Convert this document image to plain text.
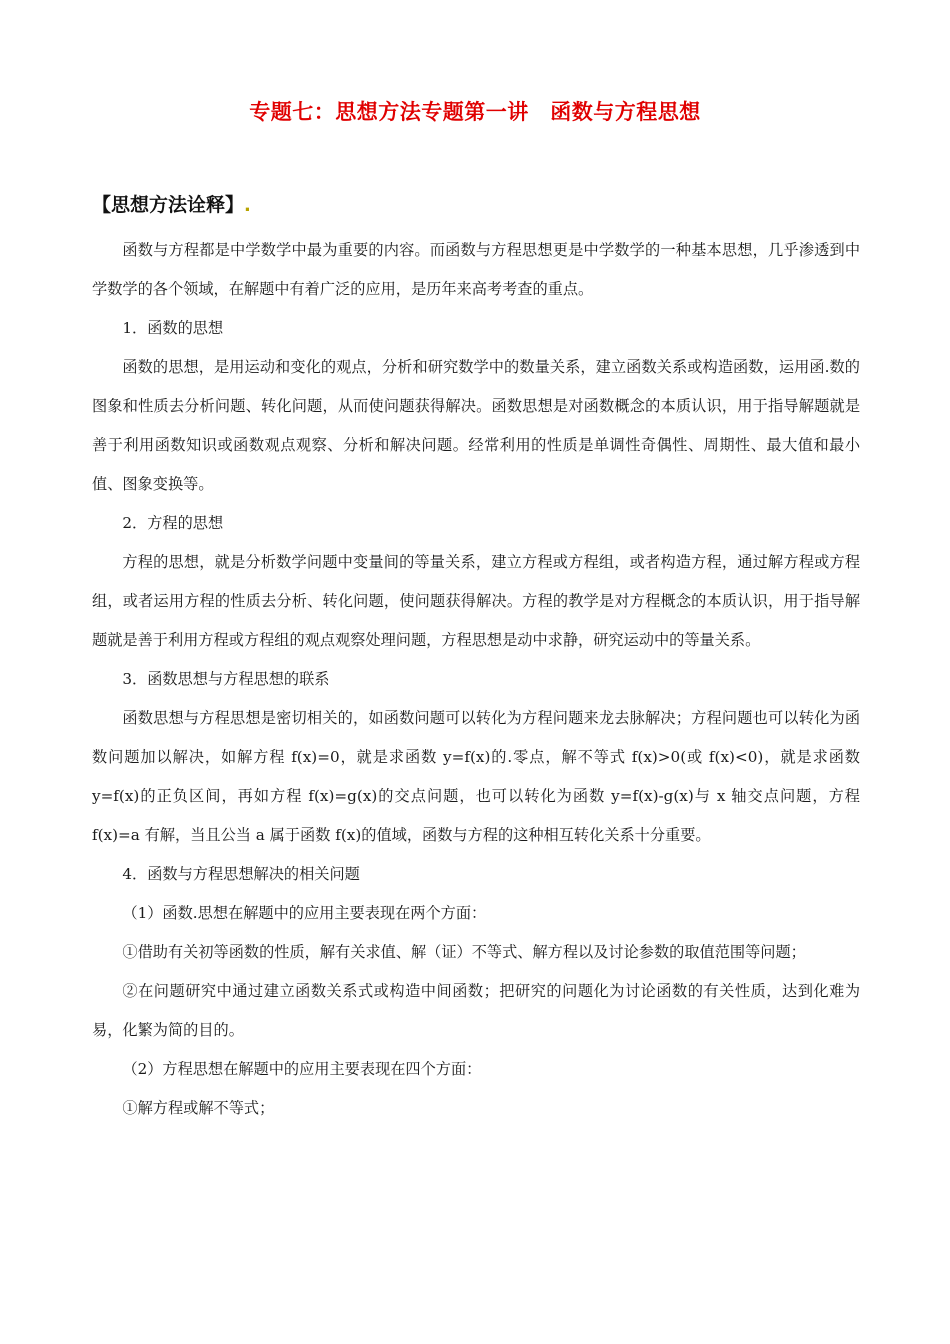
专题七：思想方法专题第一讲　函数与方程思想
【思想方法诠释】.

函数与方程都是中学数学中最为重要的内容。而函数与方程思想更是中学数学的一种基本思想，几乎渗透到中学数学的各个领域，在解题中有着广泛的应用，是历年来高考考查的重点。

1．函数的思想

函数的思想，是用运动和变化的观点，分析和研究数学中的数量关系，建立函数关系或构造函数，运用函.数的图象和性质去分析问题、转化问题，从而使问题获得解决。函数思想是对函数概念的本质认识，用于指导解题就是善于利用函数知识或函数观点观察、分析和解决问题。经常利用的性质是单调性奇偶性、周期性、最大值和最小值、图象变换等。

2．方程的思想

方程的思想，就是分析数学问题中变量间的等量关系，建立方程或方程组，或者构造方程，通过解方程或方程组，或者运用方程的性质去分析、转化问题，使问题获得解决。方程的教学是对方程概念的本质认识，用于指导解题就是善于利用方程或方程组的观点观察处理问题，方程思想是动中求静，研究运动中的等量关系。

3．函数思想与方程思想的联系

函数思想与方程思想是密切相关的，如函数问题可以转化为方程问题来龙去脉解决；方程问题也可以转化为函数问题加以解决，如解方程 f(x)=0，就是求函数 y=f(x)的.零点，解不等式 f(x)>0(或 f(x)<0)，就是求函数 y=f(x)的正负区间，再如方程 f(x)=g(x)的交点问题，也可以转化为函数 y=f(x)-g(x)与 x 轴交点问题，方程 f(x)=a 有解，当且公当 a 属于函数 f(x)的值域，函数与方程的这种相互转化关系十分重要。

4．函数与方程思想解决的相关问题

（1）函数.思想在解题中的应用主要表现在两个方面：

①借助有关初等函数的性质，解有关求值、解（证）不等式、解方程以及讨论参数的取值范围等问题；

②在问题研究中通过建立函数关系式或构造中间函数；把研究的问题化为讨论函数的有关性质，达到化难为易，化繁为简的目的。

（2）方程思想在解题中的应用主要表现在四个方面：

①解方程或解不等式；
